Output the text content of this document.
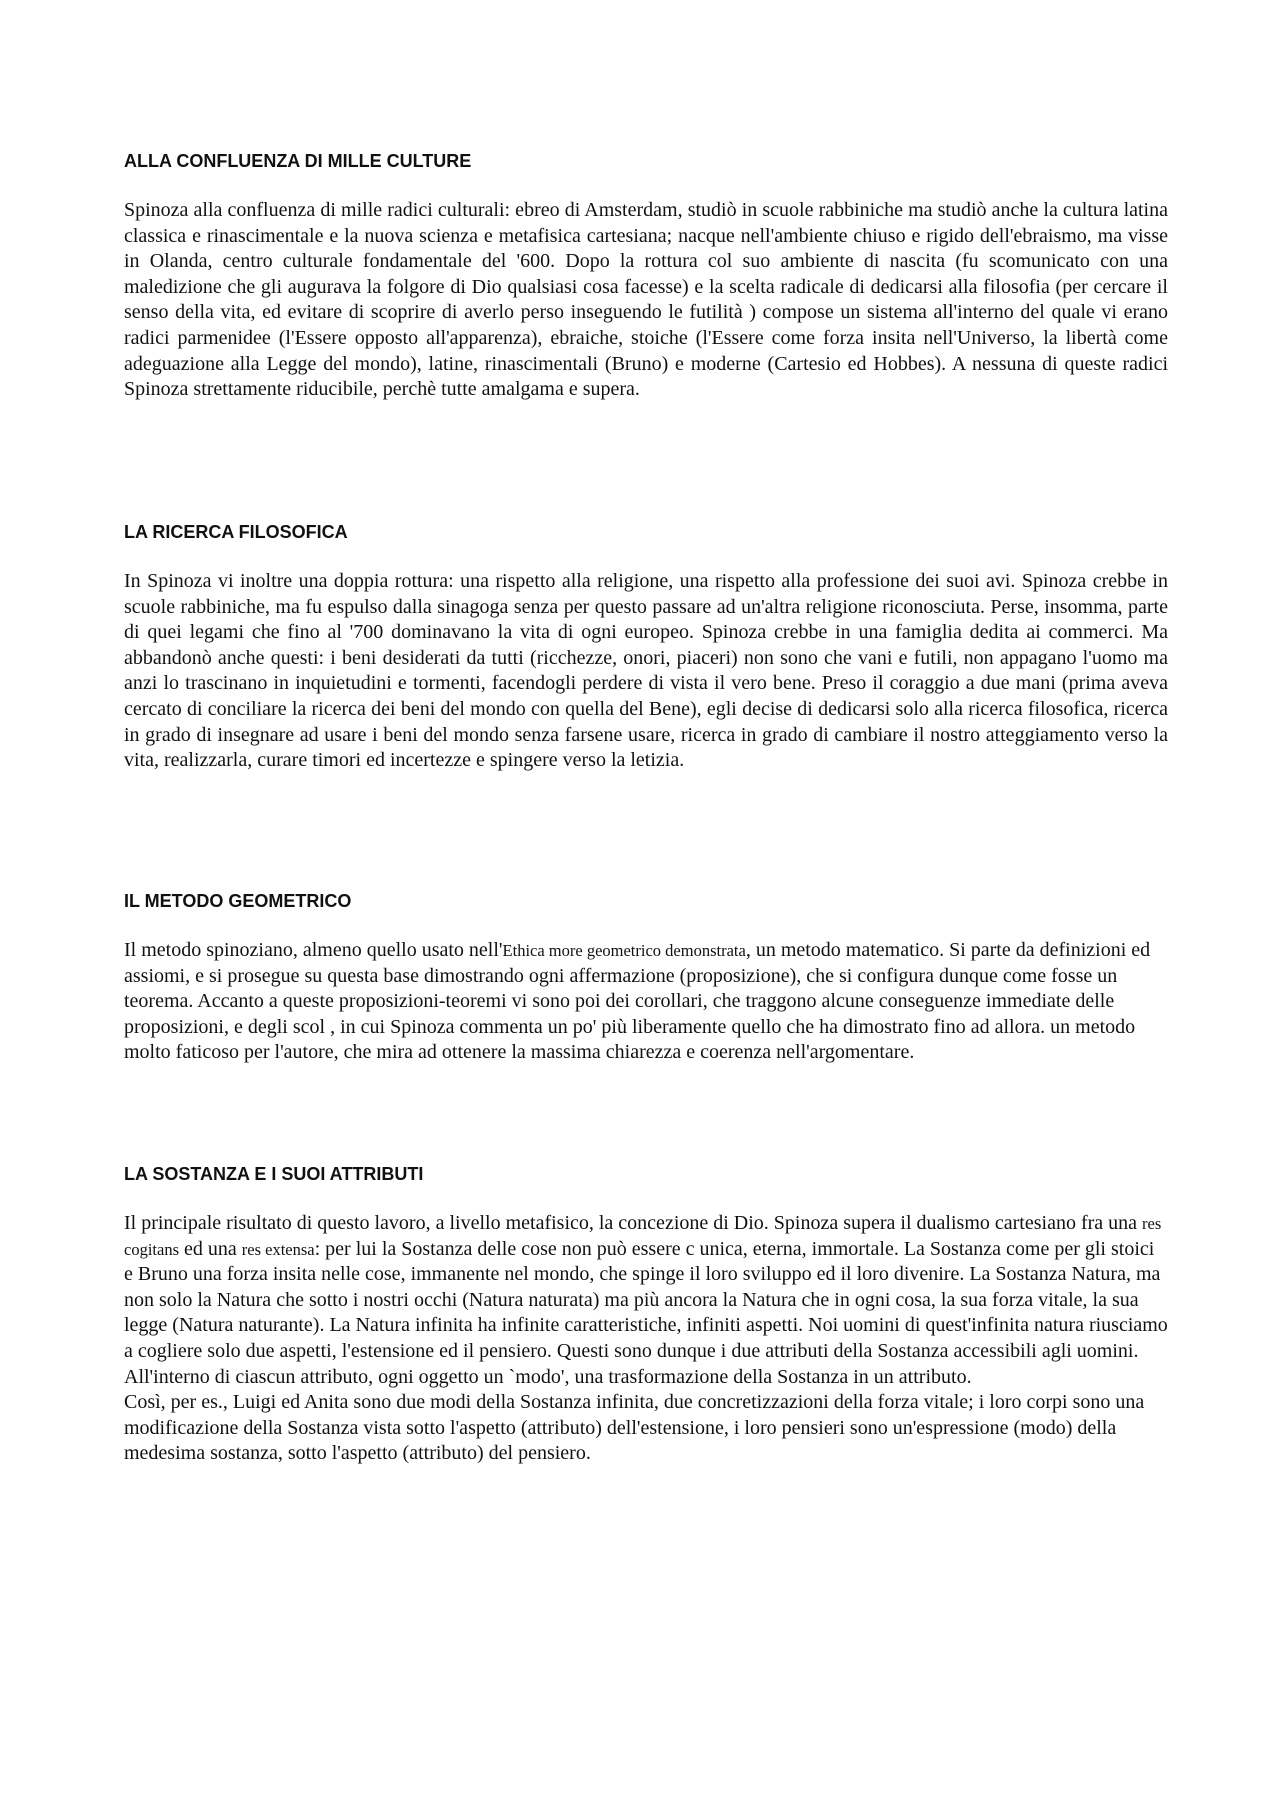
ALLA CONFLUENZA DI MILLE CULTURE

Spinoza alla confluenza di mille radici culturali: ebreo di Amsterdam, studiò in scuole rabbiniche ma studiò anche la cultura latina classica e rinascimentale e la nuova scienza e metafisica cartesiana; nacque nell'ambiente chiuso e rigido dell'ebraismo, ma visse in Olanda, centro culturale fondamentale del '600. Dopo la rottura col suo ambiente di nascita (fu scomunicato con una maledizione che gli augurava la folgore di Dio qualsiasi cosa facesse) e la scelta radicale di dedicarsi alla filosofia (per cercare il senso della vita, ed evitare di scoprire di averlo perso inseguendo le futilità ) compose un sistema all'interno del quale vi erano radici parmenidee (l'Essere opposto all'apparenza), ebraiche, stoiche (l'Essere come forza insita nell'Universo, la libertà come adeguazione alla Legge del mondo), latine, rinascimentali (Bruno) e moderne (Cartesio ed Hobbes). A nessuna di queste radici Spinoza strettamente riducibile, perchè tutte amalgama e supera.

LA RICERCA FILOSOFICA

In Spinoza vi inoltre una doppia rottura: una rispetto alla religione, una rispetto alla professione dei suoi avi. Spinoza crebbe in scuole rabbiniche, ma fu espulso dalla sinagoga senza per questo passare ad un'altra religione riconosciuta. Perse, insomma, parte di quei legami che fino al '700 dominavano la vita di ogni europeo. Spinoza crebbe in una famiglia dedita ai commerci. Ma abbandonò anche questi: i beni desiderati da tutti (ricchezze, onori, piaceri) non sono che vani e futili, non appagano l'uomo ma anzi lo trascinano in inquietudini e tormenti, facendogli perdere di vista il vero bene. Preso il coraggio a due mani (prima aveva cercato di conciliare la ricerca dei beni del mondo con quella del Bene), egli decise di dedicarsi solo alla ricerca filosofica, ricerca in grado di insegnare ad usare i beni del mondo senza farsene usare, ricerca in grado di cambiare il nostro atteggiamento verso la vita, realizzarla, curare timori ed incertezze e spingere verso la letizia.

IL METODO GEOMETRICO

Il metodo spinoziano, almeno quello usato nell'Ethica more geometrico demonstrata, un metodo matematico. Si parte da definizioni ed assiomi, e si prosegue su questa base dimostrando ogni affermazione (proposizione), che si configura dunque come fosse un teorema. Accanto a queste proposizioni-teoremi vi sono poi dei corollari, che traggono alcune conseguenze immediate delle proposizioni, e degli scol , in cui Spinoza commenta un po' più liberamente quello che ha dimostrato fino ad allora. un metodo molto faticoso per l'autore, che mira ad ottenere la massima chiarezza e coerenza nell'argomentare.

LA SOSTANZA E I SUOI ATTRIBUTI

Il principale risultato di questo lavoro, a livello metafisico, la concezione di Dio. Spinoza supera il dualismo cartesiano fra una res cogitans ed una res extensa: per lui la Sostanza delle cose non può essere c unica, eterna, immortale. La Sostanza come per gli stoici e Bruno una forza insita nelle cose, immanente nel mondo, che spinge il loro sviluppo ed il loro divenire. La Sostanza Natura, ma non solo la Natura che sotto i nostri occhi (Natura naturata) ma più ancora la Natura che in ogni cosa, la sua forza vitale, la sua legge (Natura naturante). La Natura infinita ha infinite caratteristiche, infiniti aspetti. Noi uomini di quest'infinita natura riusciamo a cogliere solo due aspetti, l'estensione ed il pensiero. Questi sono dunque i due attributi della Sostanza accessibili agli uomini. All'interno di ciascun attributo, ogni oggetto un `modo', una trasformazione della Sostanza in un attributo.

Così, per es., Luigi ed Anita sono due modi della Sostanza infinita, due concretizzazioni della forza vitale; i loro corpi sono una modificazione della Sostanza vista sotto l'aspetto (attributo) dell'estensione, i loro pensieri sono un'espressione (modo) della medesima sostanza, sotto l'aspetto (attributo) del pensiero.
